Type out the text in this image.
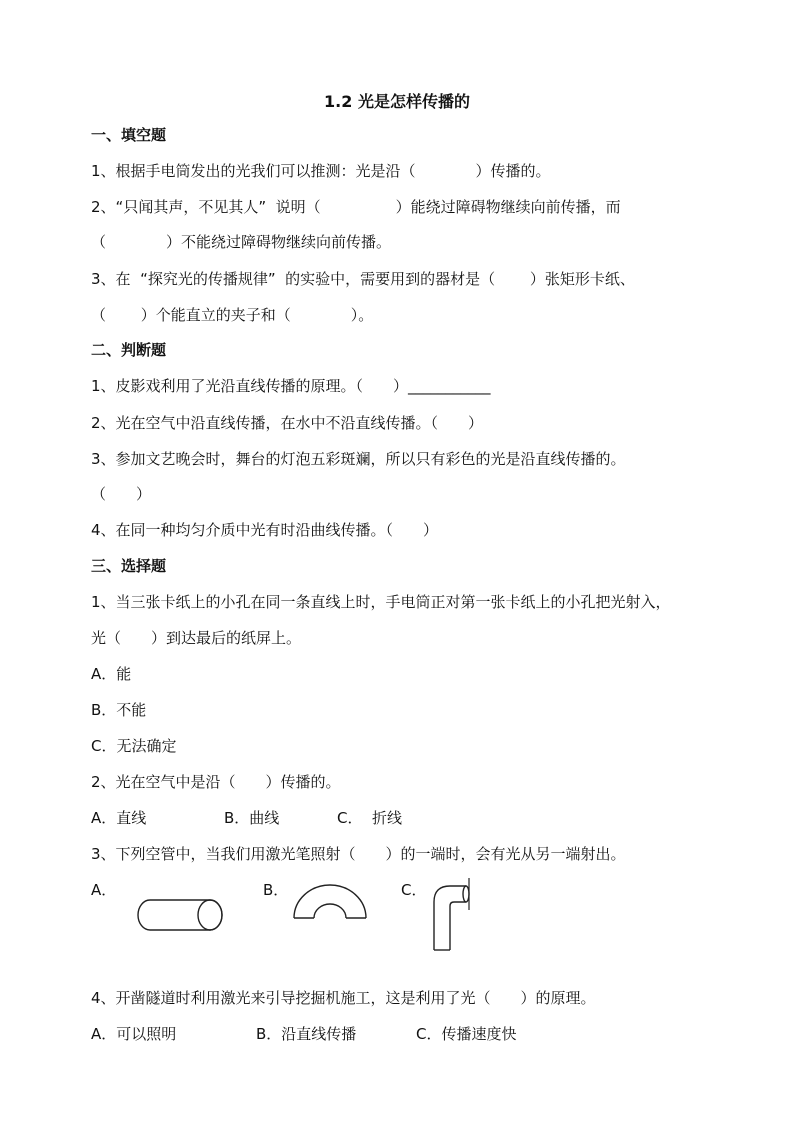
1.2 光是怎样传播的
一、填空题
1、根据手电筒发出的光我们可以推测：光是沿（　　　　）传播的。
2、“只闻其声，不见其人”  说明（　　　　　）能绕过障碍物继续向前传播，而
（　　　　）不能绕过障碍物继续向前传播。
3、在  “探究光的传播规律”  的实验中，需要用到的器材是（　　 ）张矩形卡纸、
（　　 ）个能直立的夹子和（　　　　）。
二、判断题
1、皮影戏利用了光沿直线传播的原理。（　　）___________
2、光在空气中沿直线传播，在水中不沿直线传播。（　　）
3、参加文艺晚会时，舞台的灯泡五彩斑斓，所以只有彩色的光是沿直线传播的。
（　　）
4、在同一种均匀介质中光有时沿曲线传播。（　　）
三、选择题
1、当三张卡纸上的小孔在同一条直线上时，手电筒正对第一张卡纸上的小孔把光射入，
光（　　）到达最后的纸屏上。
A．能
B．不能
C．无法确定
2、光在空气中是沿（　　）传播的。
A．直线	B．曲线	C．  折线
3、下列空管中，当我们用激光笔照射（　　）的一端时，会有光从另一端射出。
A．	B．	C．
4、开凿隧道时利用激光来引导挖掘机施工，这是利用了光（　　）的原理。
A．可以照明	B．沿直线传播	C．传播速度快
